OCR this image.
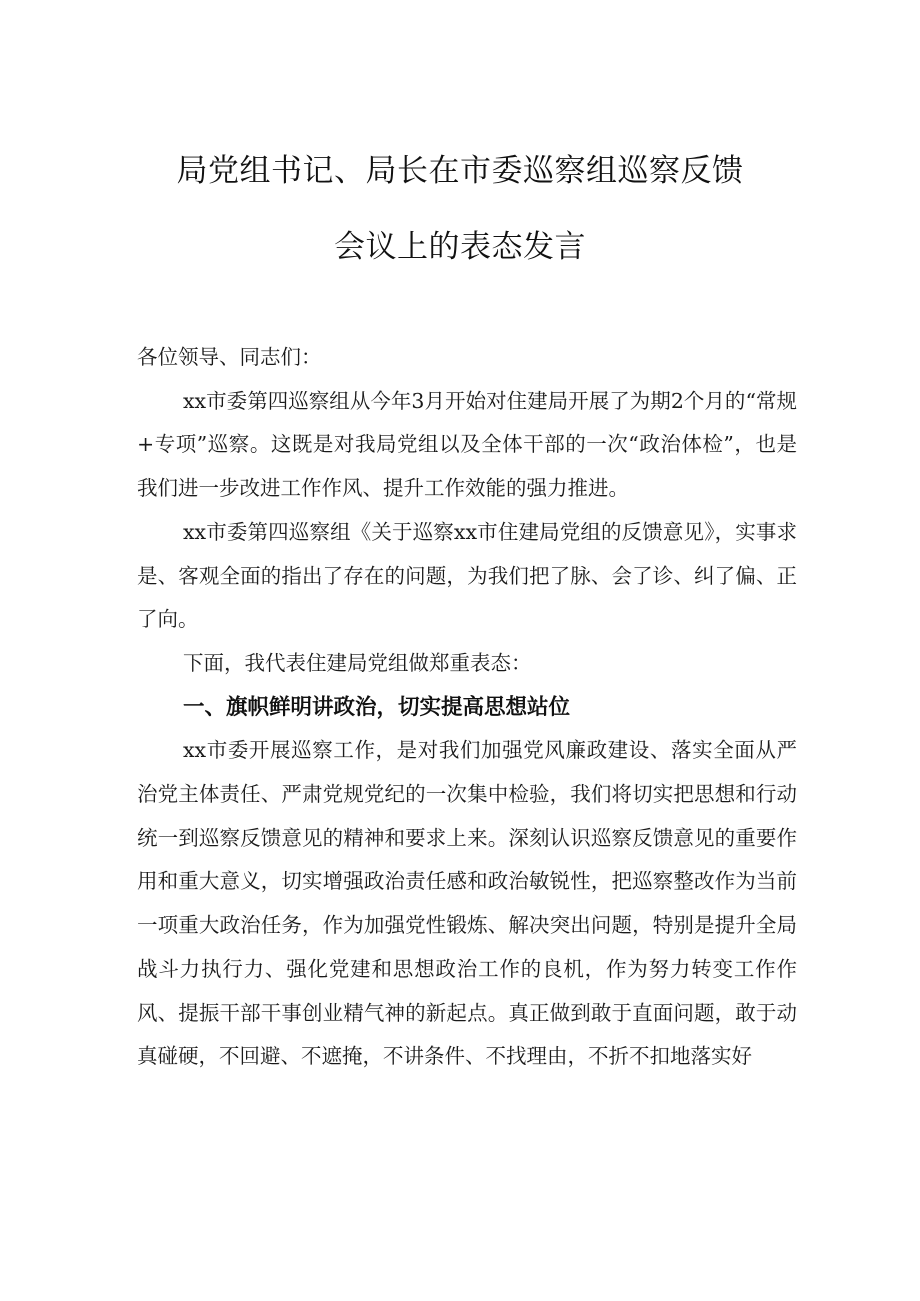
局党组书记、局长在市委巡察组巡察反馈
会议上的表态发言

各位领导、同志们：

xx市委第四巡察组从今年3月开始对住建局开展了为期2个月的“常规+专项”巡察。这既是对我局党组以及全体干部的一次“政治体检”，也是我们进一步改进工作作风、提升工作效能的强力推进。

xx市委第四巡察组《关于巡察xx市住建局党组的反馈意见》，实事求是、客观全面的指出了存在的问题，为我们把了脉、会了诊、纠了偏、正了向。

下面，我代表住建局党组做郑重表态：

一、旗帜鲜明讲政治，切实提高思想站位

xx市委开展巡察工作，是对我们加强党风廉政建设、落实全面从严治党主体责任、严肃党规党纪的一次集中检验，我们将切实把思想和行动统一到巡察反馈意见的精神和要求上来。深刻认识巡察反馈意见的重要作用和重大意义，切实增强政治责任感和政治敏锐性，把巡察整改作为当前一项重大政治任务，作为加强党性锻炼、解决突出问题，特别是提升全局战斗力执行力、强化党建和思想政治工作的良机，作为努力转变工作作风、提振干部干事创业精气神的新起点。真正做到敢于直面问题，敢于动真碰硬，不回避、不遮掩，不讲条件、不找理由，不折不扣地落实好
